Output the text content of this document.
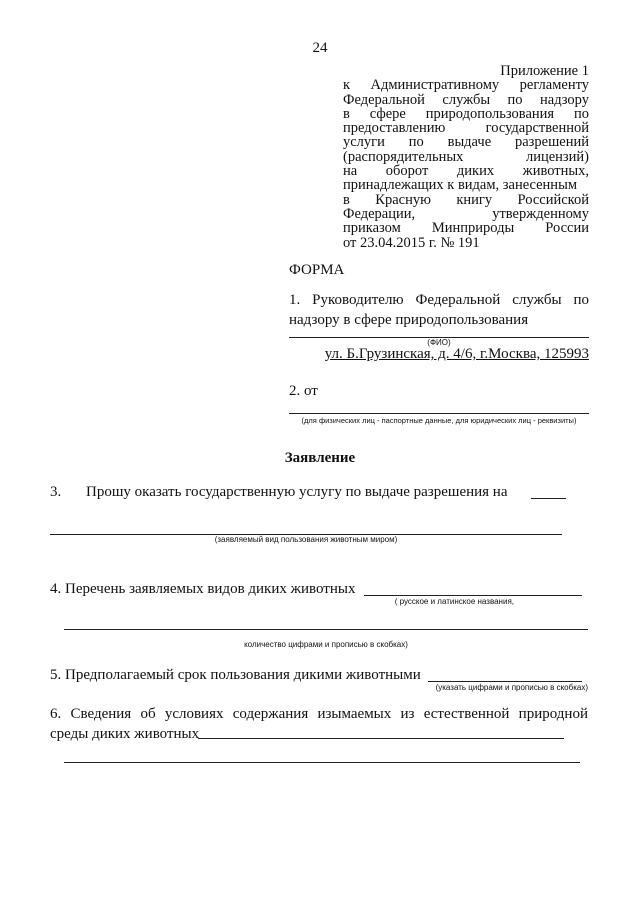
24
Приложение 1
к Административному регламенту
Федеральной службы по надзору
в сфере природопользования по
предоставлению	государственной
услуги по выдаче разрешений
(распорядительных	лицензий)
на оборот диких животных,
принадлежащих к видам, занесенным
в Красную книгу Российской
Федерации,	утвержденному
приказом Минприроды России
от 23.04.2015 г. № 191
ФОРМА
1. Руководителю Федеральной службы по надзору в сфере природопользования
(ФИО)
ул. Б.Грузинская, д. 4/6, г.Москва, 125993
2. от
(для физических лиц - паспортные данные, для юридических лиц - реквизиты)
Заявление
3. Прошу оказать государственную услугу по выдаче разрешения на
(заявляемый вид пользования животным миром)
4. Перечень заявляемых видов диких животных
( русское и латинское названия,
количество цифрами и прописью в скобках)
5. Предполагаемый срок пользования дикими животными
(указать цифрами и прописью в скобках)
6. Сведения об условиях содержания изымаемых из естественной природной
среды диких животных
